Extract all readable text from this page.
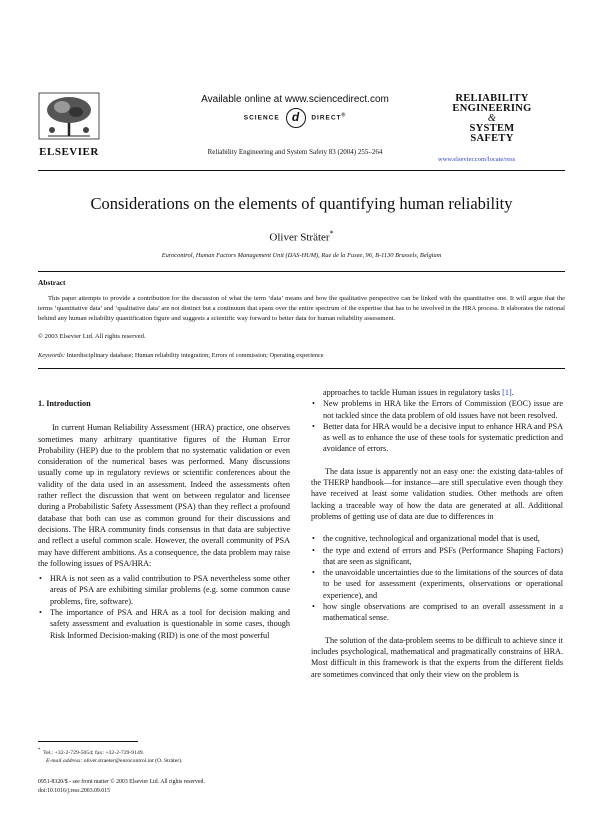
ELSEVIER
Available online at www.sciencedirect.com
SCIENCE d DIRECT®
Reliability Engineering and System Safety 83 (2004) 255–264
RELIABILITY
ENGINEERING
&
SYSTEM
SAFETY
www.elsevier.com/locate/ress
Considerations on the elements of quantifying human reliability
Oliver Sträter*
Eurocontrol, Human Factors Management Unit (DAS-HUM), Rue de la Fusee, 96, B-1130 Brussels, Belgium
Abstract

This paper attempts to provide a contribution for the discussion of what the term ‘data’ means and how the qualitative perspective can be linked with the quantitative one. It will argue that the terms ‘quantitative data’ and ‘qualitative data’ are not distinct but a continuum that spans over the entire spectrum of the expertise that has to be involved in the HRA process. It elaborates the rational behind any human reliability quantification figure and suggests a scientific way forward to better data for human reliability assessment.

© 2003 Elsevier Ltd. All rights reserved.
Keywords: Interdisciplinary database; Human reliability integration; Errors of commission; Operating experience
1. Introduction

In current Human Reliability Assessment (HRA) practice, one observes sometimes many arbitrary quantitative figures of the Human Error Probability (HEP) due to the problem that no systematic validation or even consideration of the numerical bases was performed. Many discussions usually come up in regulatory reviews or scientific conferences about the validity of the data used in an assessment. Indeed the assessments often rather reflect the discussion that went on between regulator and licensee during a Probabilistic Safety Assessment (PSA) than they reflect a profound database that both can use as common ground for their discussions and decisions. The HRA community finds consensus in that data are subjective and reflect a useful common scale. However, the overall community of PSA may have different ambitions. As a consequence, the data problem may raise the following issues of PSA/HRA:

• HRA is not seen as a valid contribution to PSA nevertheless some other areas of PSA are exhibiting similar problems (e.g. some common cause problems, fire, software).
• The importance of PSA and HRA as a tool for decision making and safety assessment and evaluation is questionable in some cases, though Risk Informed Decision-making (RID) is one of the most powerful

approaches to tackle Human issues in regulatory tasks [1].

• New problems in HRA like the Errors of Commission (EOC) issue are not tackled since the data problem of old issues have not been resolved.
• Better data for HRA would be a decisive input to enhance HRA and PSA as well as to enhance the use of these tools for systematic prediction and avoidance of errors.

The data issue is apparently not an easy one: the existing data-tables of the THERP handbook—for instance—are still speculative even though they have received at least some validation studies. Other methods are often lacking a traceable way of how the data are generated at all. Additional problems of getting use of data are due to differences in

• the cognitive, technological and organizational model that is used,
• the type and extend of errors and PSFs (Performance Shaping Factors) that are seen as significant,
• the unavoidable uncertainties due to the limitations of the sources of data to be used for assessment (experiments, observations or operational experience), and
• how single observations are comprised to an overall assessment in a mathematical sense.

The solution of the data-problem seems to be difficult to achieve since it includes psychological, mathematical and pragmatically constrains of HRA. Most difficult in this framework is that the experts from the different fields are sometimes convinced that only their view on the problem is

* Tel.: +32-2-729-5054; fax: +32-2-729-9149.
E-mail address: oliver.straeter@eurocontrol.int (O. Sträter).
0951-8320/$ - see front matter © 2003 Elsevier Ltd. All rights reserved.
doi:10.1016/j.ress.2003.09.015
